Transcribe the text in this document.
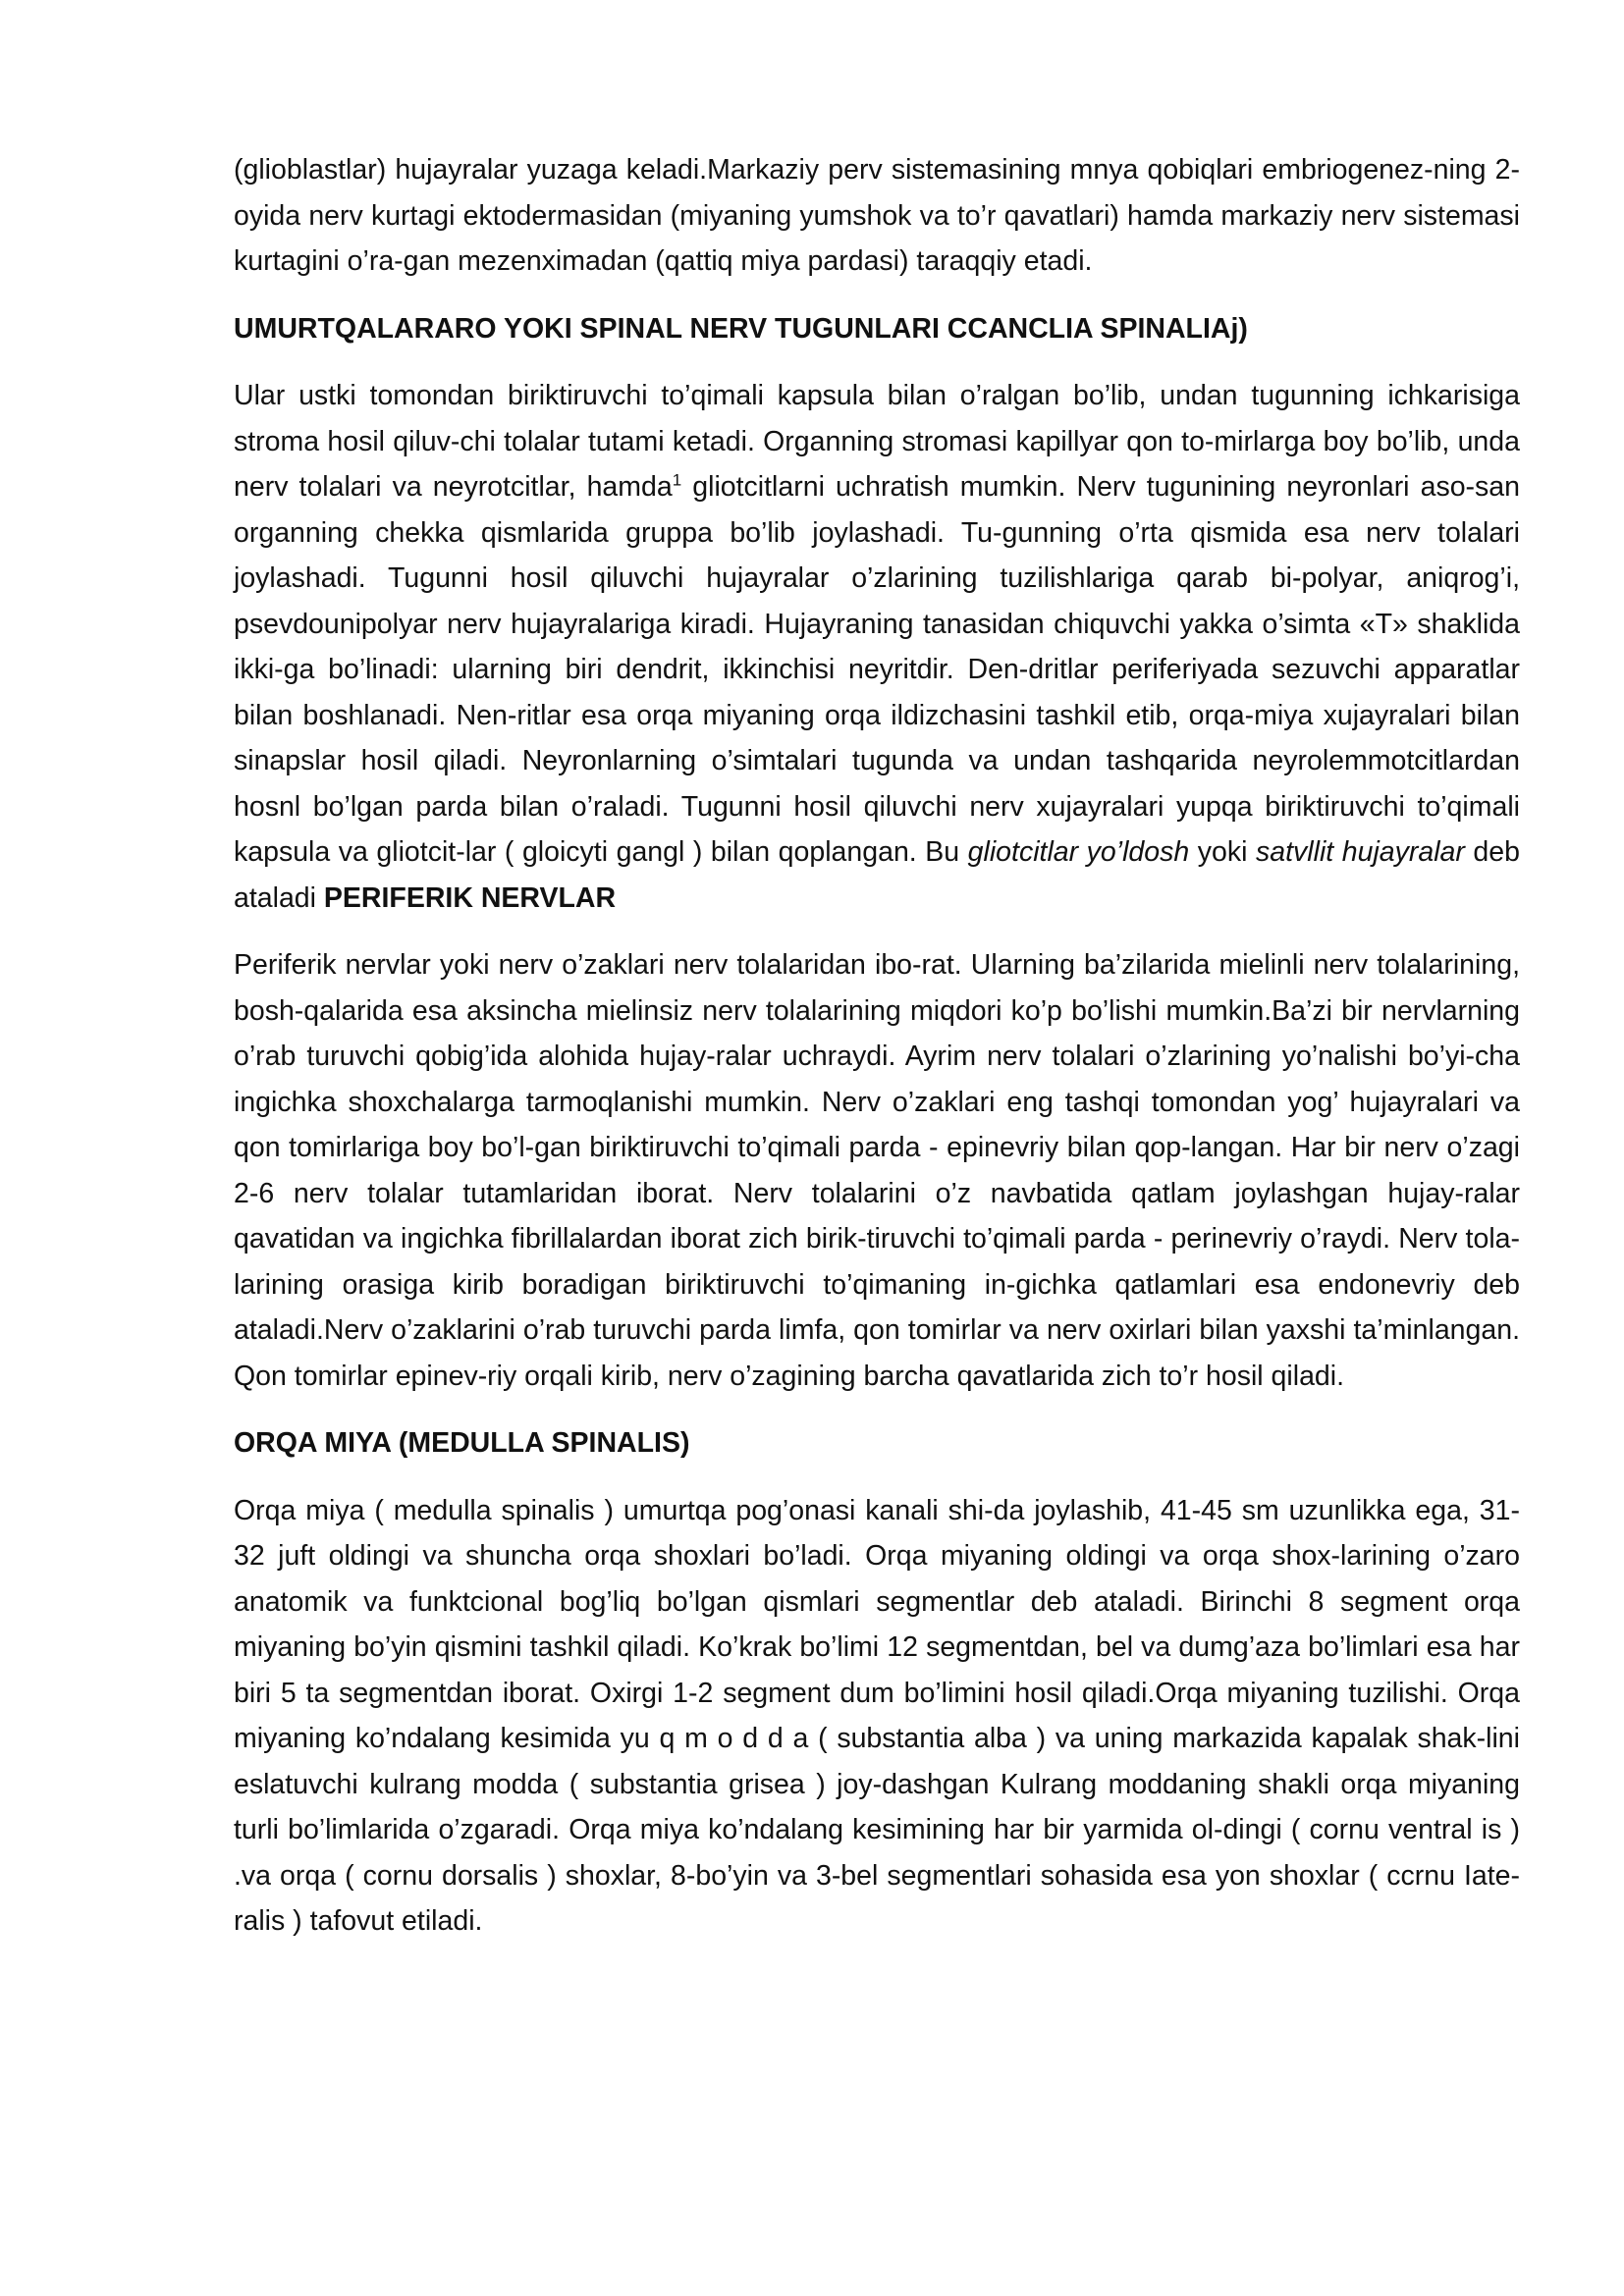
(glioblastlar) hujayralar yuzaga keladi.Markaziy perv sistemasining mnya qobiqlari embriogenez-ning 2-oyida nerv kurtagi ektodermasidan (miyaning yumshok va to’r qavatlari) hamda markaziy nerv sistemasi kurtagini o’ra-gan mezenximadan (qattiq miya pardasi) taraqqiy etadi.

UMURTQALARARO YOKI SPINAL NERV TUGUNLARI CCANCLIA SPINALIAj)

Ular ustki tomondan biriktiruvchi to’qimali kapsula bilan o’ralgan bo’lib, undan tugunning ichkarisiga stroma hosil qiluv-chi tolalar tutami ketadi. Organning stromasi kapillyar qon to-mirlarga boy bo’lib, unda nerv tolalari va neyrotcitlar, hamda$^1$ gliotcitlarni uchratish mumkin. Nerv tugunining neyronlari aso-san organning chekka qismlarida gruppa bo’lib joylashadi. Tu-gunning o’rta qismida esa nerv tolalari joylashadi. Tugunni hosil qiluvchi hujayralar o’zlarining tuzilishlariga qarab bi-polyar, aniqrog’i, psevdounipolyar nerv hujayralariga kiradi. Hujayraning tanasidan chiquvchi yakka o’simta «T» shaklida ikki-ga bo’linadi: ularning biri dendrit, ikkinchisi neyritdir. Den-dritlar periferiyada sezuvchi apparatlar bilan boshlanadi. Nen-ritlar esa orqa miyaning orqa ildizchasini tashkil etib, orqa-miya xujayralari bilan sinapslar hosil qiladi. Neyronlarning o’simtalari tugunda va undan tashqarida neyrolemmotcitlardan hosnl bo’lgan parda bilan o’raladi. Tugunni hosil qiluvchi nerv xujayralari yupqa biriktiruvchi to’qimali kapsula va gliotcit-lar ( gloicyti gangl ) bilan qoplangan. Bu gliotcitlar yo’ldosh yoki satvllit hujayralar deb ataladi PERIFERIK NERVLAR

Periferik nervlar yoki nerv o’zaklari nerv tolalaridan ibo-rat. Ularning ba’zilarida mielinli nerv tolalarining, bosh-qalarida esa aksincha mielinsiz nerv tolalarining miqdori ko’p bo’lishi mumkin.Ba’zi bir nervlarning o’rab turuvchi qobig’ida alohida hujay-ralar uchraydi. Ayrim nerv tolalari o’zlarining yo’nalishi bo’yi-cha ingichka shoxchalarga tarmoqlanishi mumkin. Nerv o’zaklari eng tashqi tomondan yog’ hujayralari va qon tomirlariga boy bo’l-gan biriktiruvchi to’qimali parda - epinevriy bilan qop-langan. Har bir nerv o’zagi 2-6 nerv tolalar tutamlaridan iborat. Nerv tolalarini o’z navbatida qatlam joylashgan hujay-ralar qavatidan va ingichka fibrillalardan iborat zich birik-tiruvchi to’qimali parda - perinevriy o’raydi. Nerv tola-larining orasiga kirib boradigan biriktiruvchi to’qimaning in-gichka qatlamlari esa endonevriy deb ataladi.Nerv o’zaklarini o’rab turuvchi parda limfa, qon tomirlar va nerv oxirlari bilan yaxshi ta’minlangan. Qon tomirlar epinev-riy orqali kirib, nerv o’zagining barcha qavatlarida zich to’r hosil qiladi.

ORQA MIYA (MEDULLA SPINALIS)

Orqa miya ( medulla spinalis ) umurtqa pog’onasi kanali shi-da joylashib, 41-45 sm uzunlikka ega, 31-32 juft oldingi va shuncha orqa shoxlari bo’ladi. Orqa miyaning oldingi va orqa shox-larining o’zaro anatomik va funktcional bog’liq bo’lgan qismlari segmentlar deb ataladi. Birinchi 8 segment orqa miyaning bo’yin qismini tashkil qiladi. Ko’krak bo’limi 12 segmentdan, bel va dumg’aza bo’limlari esa har biri 5 ta segmentdan iborat. Oxirgi 1-2 segment dum bo’limini hosil qiladi.Orqa miyaning tuzilishi. Orqa miyaning ko’ndalang kesimida yu q m o d d a ( substantia alba ) va uning markazida kapalak shak-lini eslatuvchi kulrang modda ( substantia grisea ) joy-dashgan Kulrang moddaning shakli orqa miyaning turli bo’limlarida o’zgaradi. Orqa miya ko’ndalang kesimining har bir yarmida ol-dingi ( cornu ventral is ) .va orqa ( cornu dorsalis ) shoxlar, 8-bo’yin va 3-bel segmentlari sohasida esa yon shoxlar ( ccrnu Iate-ralis ) tafovut etiladi.
